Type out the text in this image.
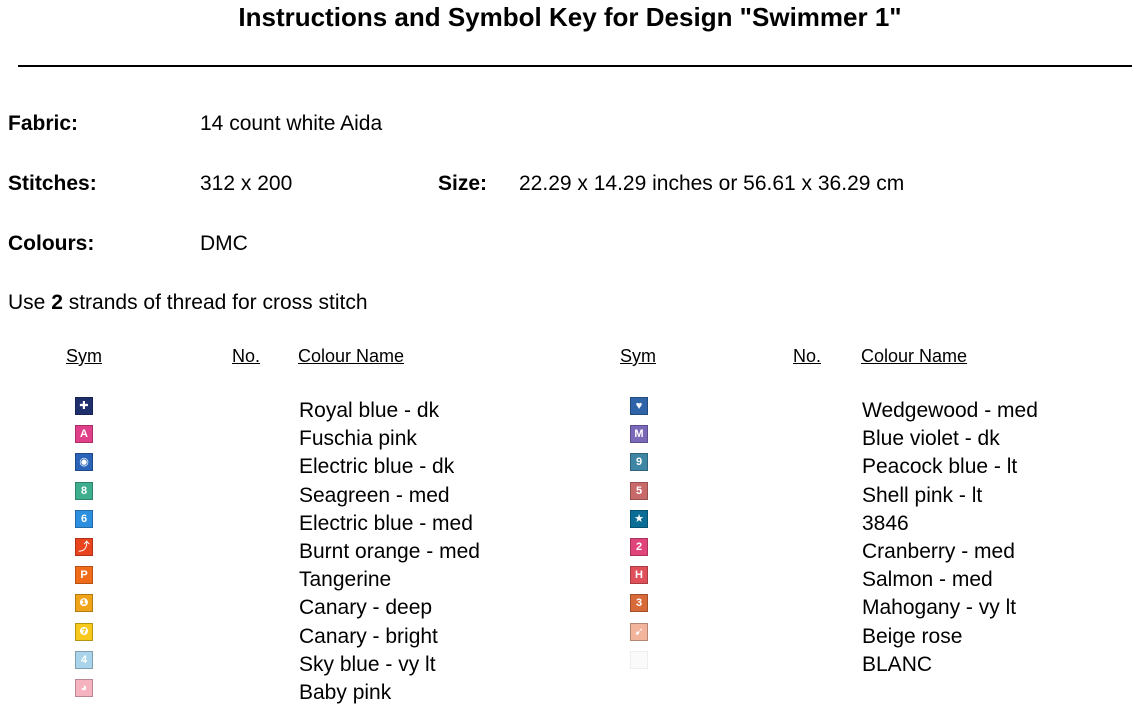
Instructions and Symbol Key for Design "Swimmer 1"
Fabric:	14 count white Aida
Stitches:	312 x 200	Size: 22.29 x 14.29 inches or 56.61 x 36.29 cm
Colours:	DMC
Use 2 strands of thread for cross stitch
Sym	No. Colour Name	Sym	No. Colour Name
✚	Royal blue - dk
A	Fuschia pink
◉	Electric blue - dk
8	Seagreen - med
6	Electric blue - med
⤴	Burnt orange - med
P	Tangerine
❶	Canary - deep
❼	Canary - bright
4	Sky blue - vy lt
◕	Baby pink
♥	Wedgewood - med
M	Blue violet - dk
9	Peacock blue - lt
5	Shell pink - lt
★	3846
2	Cranberry - med
H	Salmon - med
3	Mahogany - vy lt
➹	Beige rose
BLANC
